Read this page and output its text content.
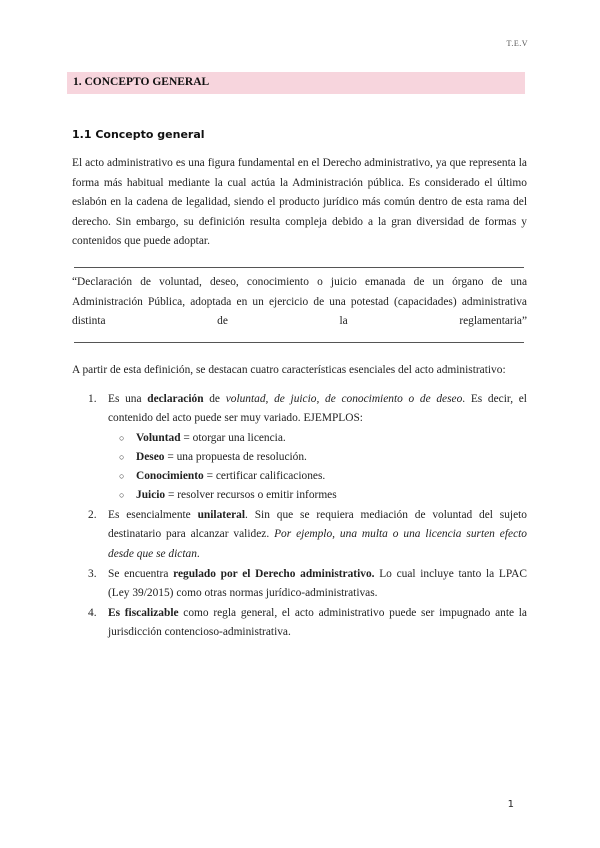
T.E.V
1. CONCEPTO GENERAL
1.1 Concepto general
El acto administrativo es una figura fundamental en el Derecho administrativo, ya que representa la forma más habitual mediante la cual actúa la Administración pública. Es considerado el último eslabón en la cadena de legalidad, siendo el producto jurídico más común dentro de esta rama del derecho. Sin embargo, su definición resulta compleja debido a la gran diversidad de formas y contenidos que puede adoptar.
“Declaración de voluntad, deseo, conocimiento o juicio emanada de un órgano de una Administración Pública, adoptada en un ejercicio de una potestad (capacidades) administrativa distinta de la reglamentaria”
A partir de esta definición, se destacan cuatro características esenciales del acto administrativo:
1. Es una declaración de voluntad, de juicio, de conocimiento o de deseo. Es decir, el contenido del acto puede ser muy variado. EJEMPLOS:
○ Voluntad = otorgar una licencia.
○ Deseo = una propuesta de resolución.
○ Conocimiento = certificar calificaciones.
○ Juicio = resolver recursos o emitir informes
2. Es esencialmente unilateral. Sin que se requiera mediación de voluntad del sujeto destinatario para alcanzar validez. Por ejemplo, una multa o una licencia surten efecto desde que se dictan.
3. Se encuentra regulado por el Derecho administrativo. Lo cual incluye tanto la LPAC (Ley 39/2015) como otras normas jurídico-administrativas.
4. Es fiscalizable como regla general, el acto administrativo puede ser impugnado ante la jurisdicción contencioso-administrativa.
1
